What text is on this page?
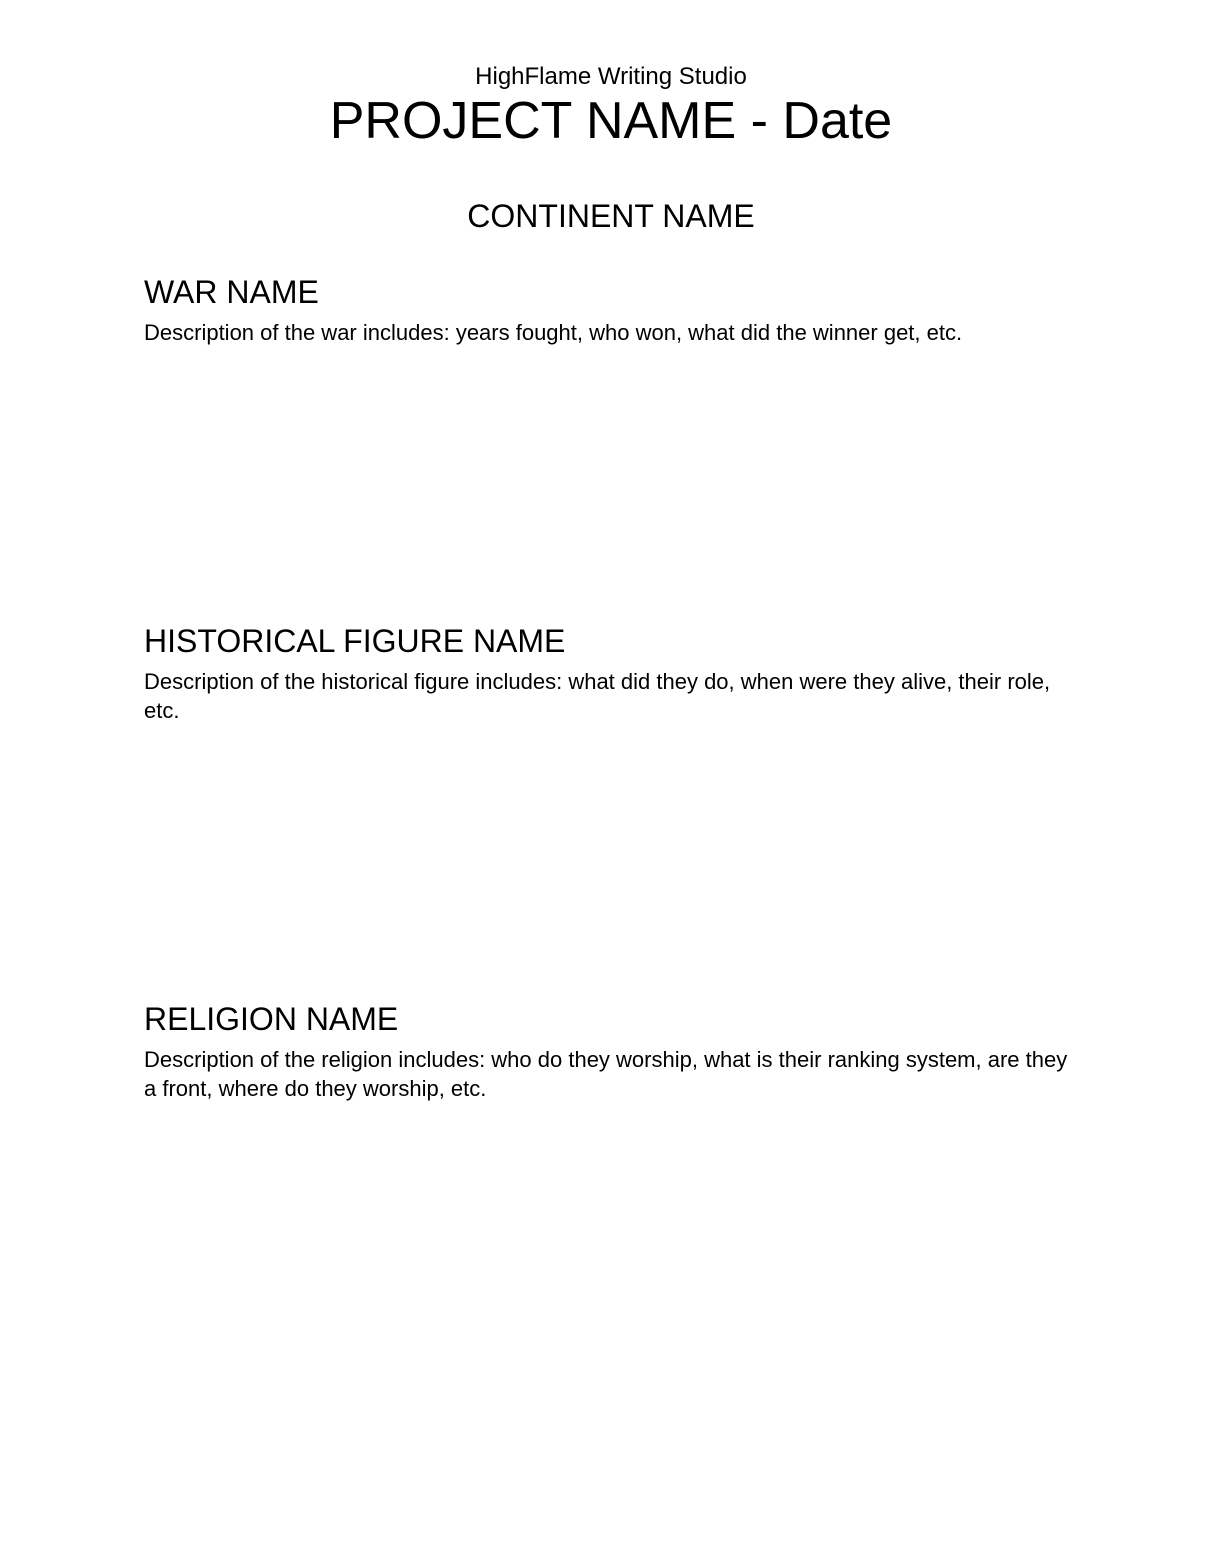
HighFlame Writing Studio
PROJECT NAME - Date
CONTINENT NAME
WAR NAME

Description of the war includes: years fought, who won, what did the winner get, etc.

HISTORICAL FIGURE NAME

Description of the historical figure includes: what did they do, when were they alive, their role, etc.

RELIGION NAME

Description of the religion includes: who do they worship, what is their ranking system, are they a front, where do they worship, etc.
